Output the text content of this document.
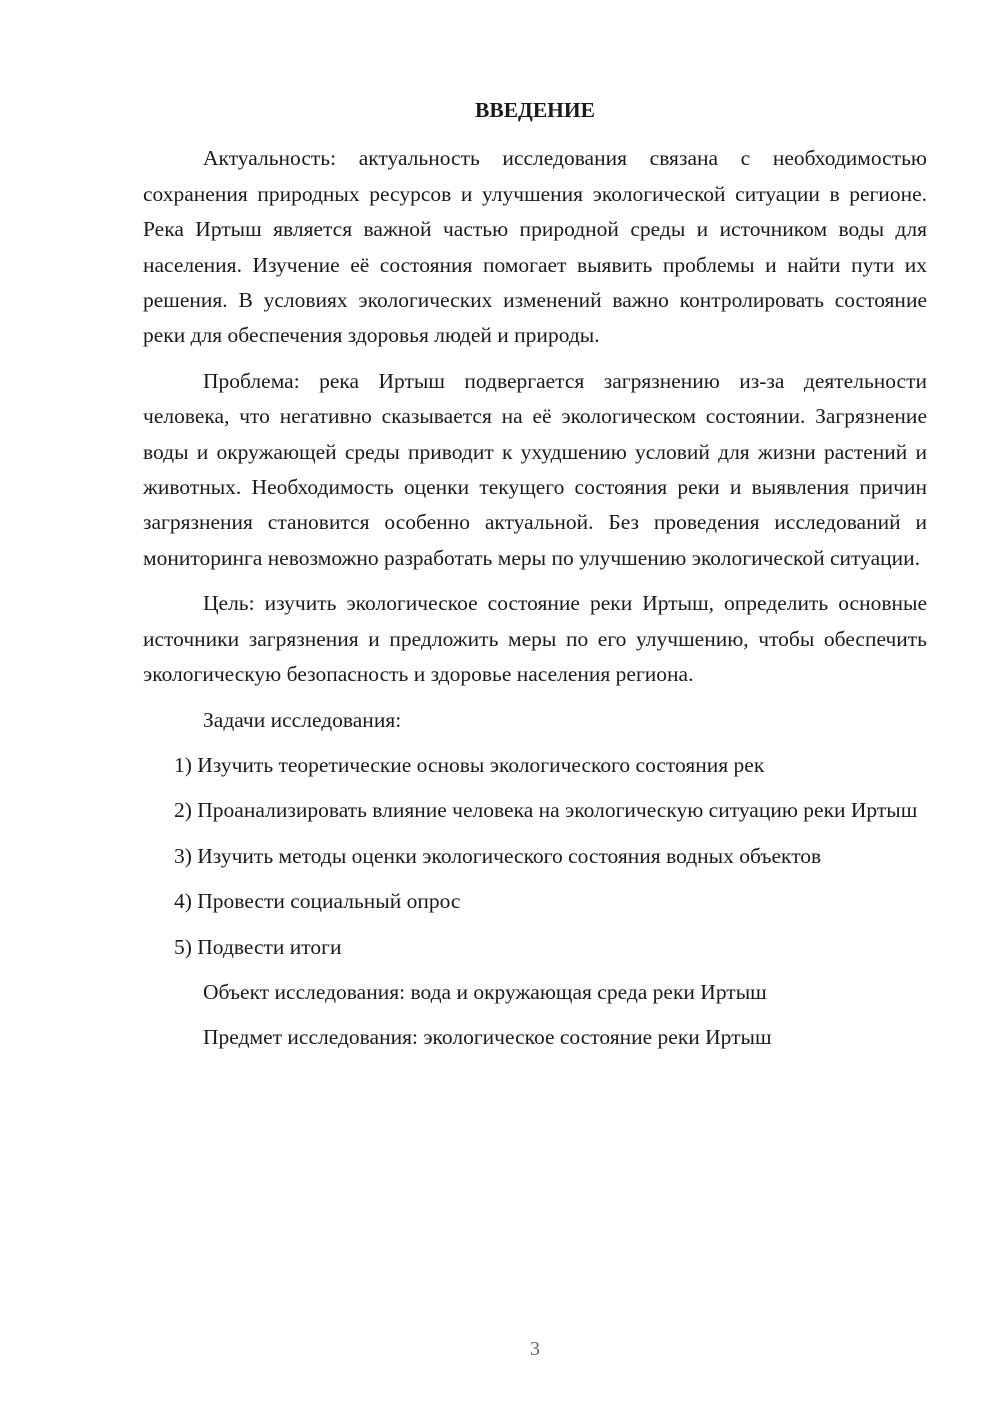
ВВЕДЕНИЕ

Актуальность: актуальность исследования связана с необходимостью сохранения природных ресурсов и улучшения экологической ситуации в регионе. Река Иртыш является важной частью природной среды и источником воды для населения. Изучение её состояния помогает выявить проблемы и найти пути их решения. В условиях экологических изменений важно контролировать состояние реки для обеспечения здоровья людей и природы.

Проблема: река Иртыш подвергается загрязнению из-за деятельности человека, что негативно сказывается на её экологическом состоянии. Загрязнение воды и окружающей среды приводит к ухудшению условий для жизни растений и животных. Необходимость оценки текущего состояния реки и выявления причин загрязнения становится особенно актуальной. Без проведения исследований и мониторинга невозможно разработать меры по улучшению экологической ситуации.

Цель: изучить экологическое состояние реки Иртыш, определить основные источники загрязнения и предложить меры по его улучшению, чтобы обеспечить экологическую безопасность и здоровье населения региона.

Задачи исследования:

1) Изучить теоретические основы экологического состояния рек

2) Проанализировать влияние человека на экологическую ситуацию реки Иртыш

3) Изучить методы оценки экологического состояния водных объектов

4) Провести социальный опрос

5) Подвести итоги

Объект исследования: вода и окружающая среда реки Иртыш

Предмет исследования: экологическое состояние реки Иртыш

3
